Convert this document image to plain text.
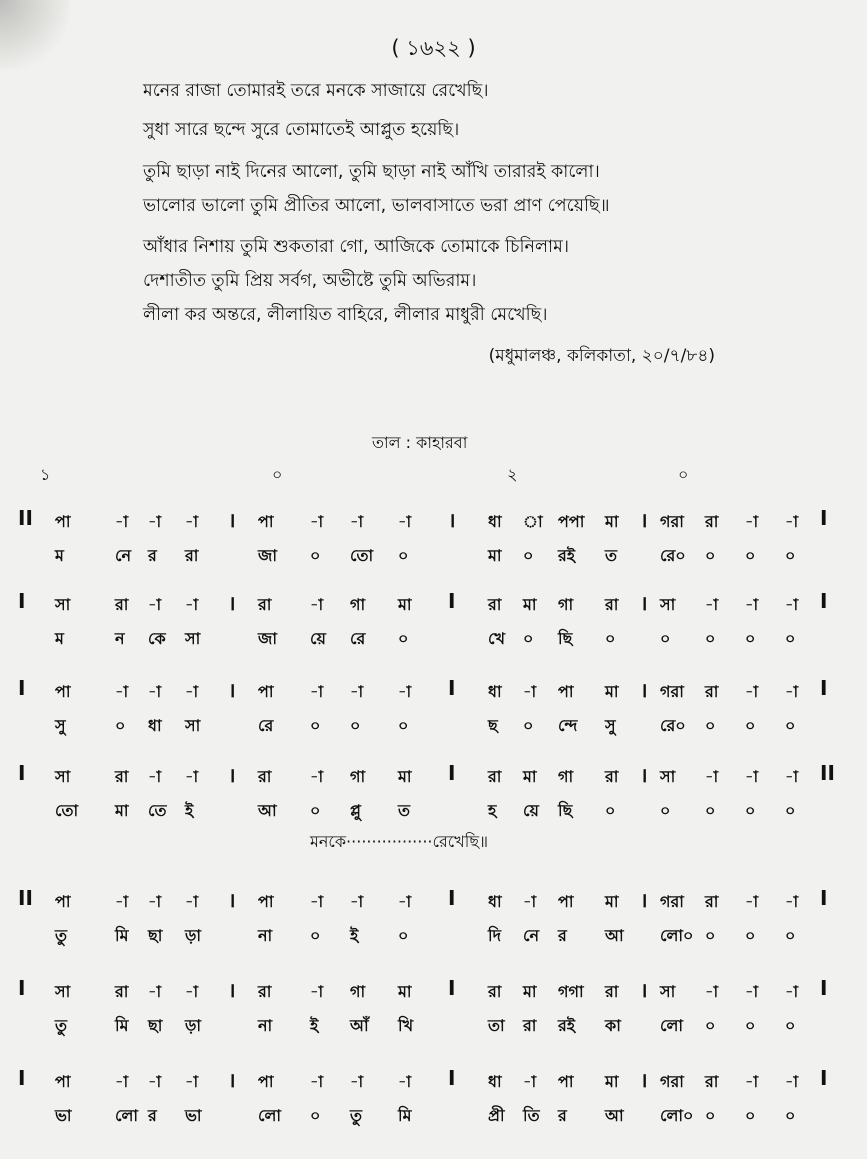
( ১৬২২ )
মনের রাজা তোমারই তরে মনকে সাজায়ে রেখেছি।
সুধা সারে ছন্দে সুরে তোমাতেই আপ্লুত হয়েছি।
তুমি ছাড়া নাই দিনের আলো, তুমি ছাড়া নাই আঁখি তারারই কালো।
ভালোর ভালো তুমি প্রীতির আলো, ভালবাসাতে ভরা প্রাণ পেয়েছি॥
আঁধার নিশায় তুমি শুকতারা গো, আজিকে তোমাকে চিনিলাম।
দেশাতীত তুমি প্রিয় সর্বগ, অভীষ্টে তুমি অভিরাম।
লীলা কর অন্তরে, লীলায়িত বাহিরে, লীলার মাধুরী মেখেছি।
(মধুমালঞ্চ, কলিকাতা, ২০/৭/৮৪)
তাল : কাহারবা
১	০	২	০
II পা	-া -া -া । পা -া -া -া । ধা া পপা মা । গরা রা -া -া I
ম	নে র রা	জা ০ তো ০	মা ০ রই ত	রে০ ০ ০ ০
I সা	রা -া -া । রা -া গা মা I রা মা গা রা । সা -া -া -া I
ম	ন কে সা	জা য়ে রে ০	খে ০ ছি ০	০ ০ ০ ০
I পা	-া -া -া । পা -া -া -া I ধা -া পা মা । গরা রা -া -া I
সু	০ ধা সা	রে ০ ০ ০	ছ ০ ন্দে সু	রে০ ০ ০ ০
I সা	রা -া -া । রা -া গা মা I রা মা গা রা । সা -া -া -া II
তো মা তে ই	আ ০ প্লু ত	হ য়ে ছি ০	০ ০ ০ ০
II পা	-া -া -া । পা -া -া -া I ধা -া পা মা । গরা রা -া -া I
তু	মি ছা ড়া	না ০ ই ০	দি নে র আ লো০ ০ ০ ০
I সা	রা -া -া । রা -া গা মা I রা মা গগা রা । সা -া -া -া I
তু	মি ছা ড়া	না ই আঁ খি	তা রা রই কা লো ০ ০ ০
I পা	-া -া -া । পা -া -া -া I ধা -া পা মা । গরা রা -া -া I
ভা	লো র ভা	লো ০ তু মি	প্রী তি র আ লো০ ০ ০ ০
মনকে·················রেখেছি॥
